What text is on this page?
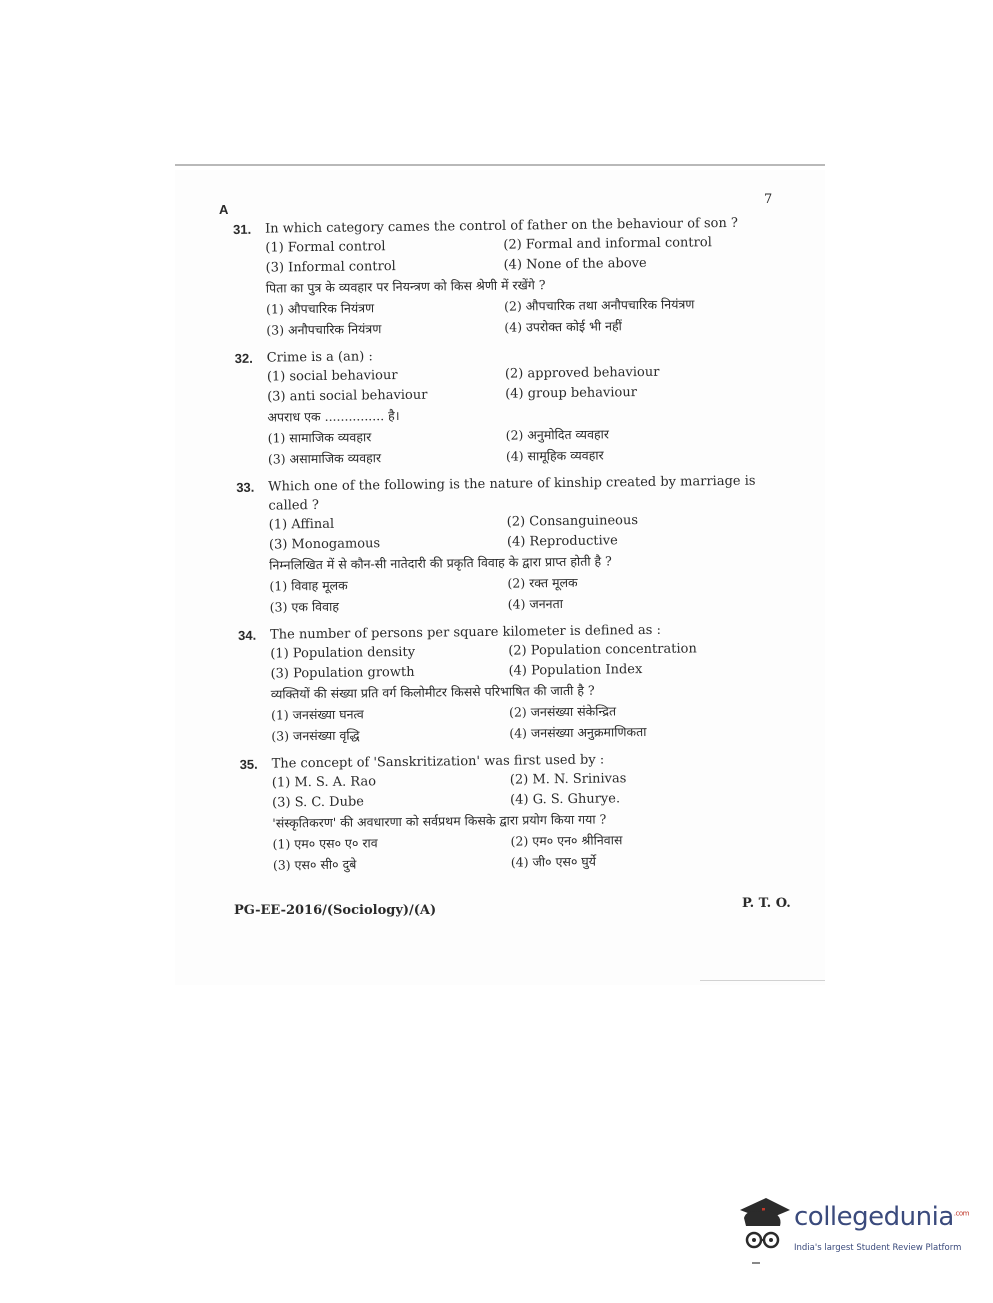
A
7
31.	In which category cames the control of father on the behaviour of son ?
(1) Formal control	(2) Formal and informal control
(3) Informal control	(4) None of the above
पिता का पुत्र के व्यवहार पर नियन्त्रण को किस श्रेणी में रखेंगे ?
(1) औपचारिक नियंत्रण	(2) औपचारिक तथा अनौपचारिक नियंत्रण
(3) अनौपचारिक नियंत्रण	(4) उपरोक्त कोई भी नहीं
32.	Crime is a (an) :
(1) social behaviour	(2) approved behaviour
(3) anti social behaviour	(4) group behaviour
अपराध एक ............... है।
(1) सामाजिक व्यवहार	(2) अनुमोदित व्यवहार
(3) असामाजिक व्यवहार	(4) सामूहिक व्यवहार
33.	Which one of the following is the nature of kinship created by marriage is called ?
(1) Affinal	(2) Consanguineous
(3) Monogamous	(4) Reproductive
निम्नलिखित में से कौन-सी नातेदारी की प्रकृति विवाह के द्वारा प्राप्त होती है ?
(1) विवाह मूलक	(2) रक्त मूलक
(3) एक विवाह	(4) जननता
34.	The number of persons per square kilometer is defined as :
(1) Population density	(2) Population concentration
(3) Population growth	(4) Population Index
व्यक्तियों की संख्या प्रति वर्ग किलोमीटर किससे परिभाषित की जाती है ?
(1) जनसंख्या घनत्व	(2) जनसंख्या संकेन्द्रित
(3) जनसंख्या वृद्धि	(4) जनसंख्या अनुक्रमाणिकता
35.	The concept of 'Sanskritization' was first used by :
(1) M. S. A. Rao	(2) M. N. Srinivas
(3) S. C. Dube	(4) G. S. Ghurye.
'संस्कृतिकरण' की अवधारणा को सर्वप्रथम किसके द्वारा प्रयोग किया गया ?
(1) एम० एस० ए० राव	(2) एम० एन० श्रीनिवास
(3) एस० सी० दुबे	(4) जी० एस० घुर्ये
PG-EE-2016/(Sociology)/(A)	P. T. O.
collegedunia$^{.com}$
India's largest Student Review Platform
